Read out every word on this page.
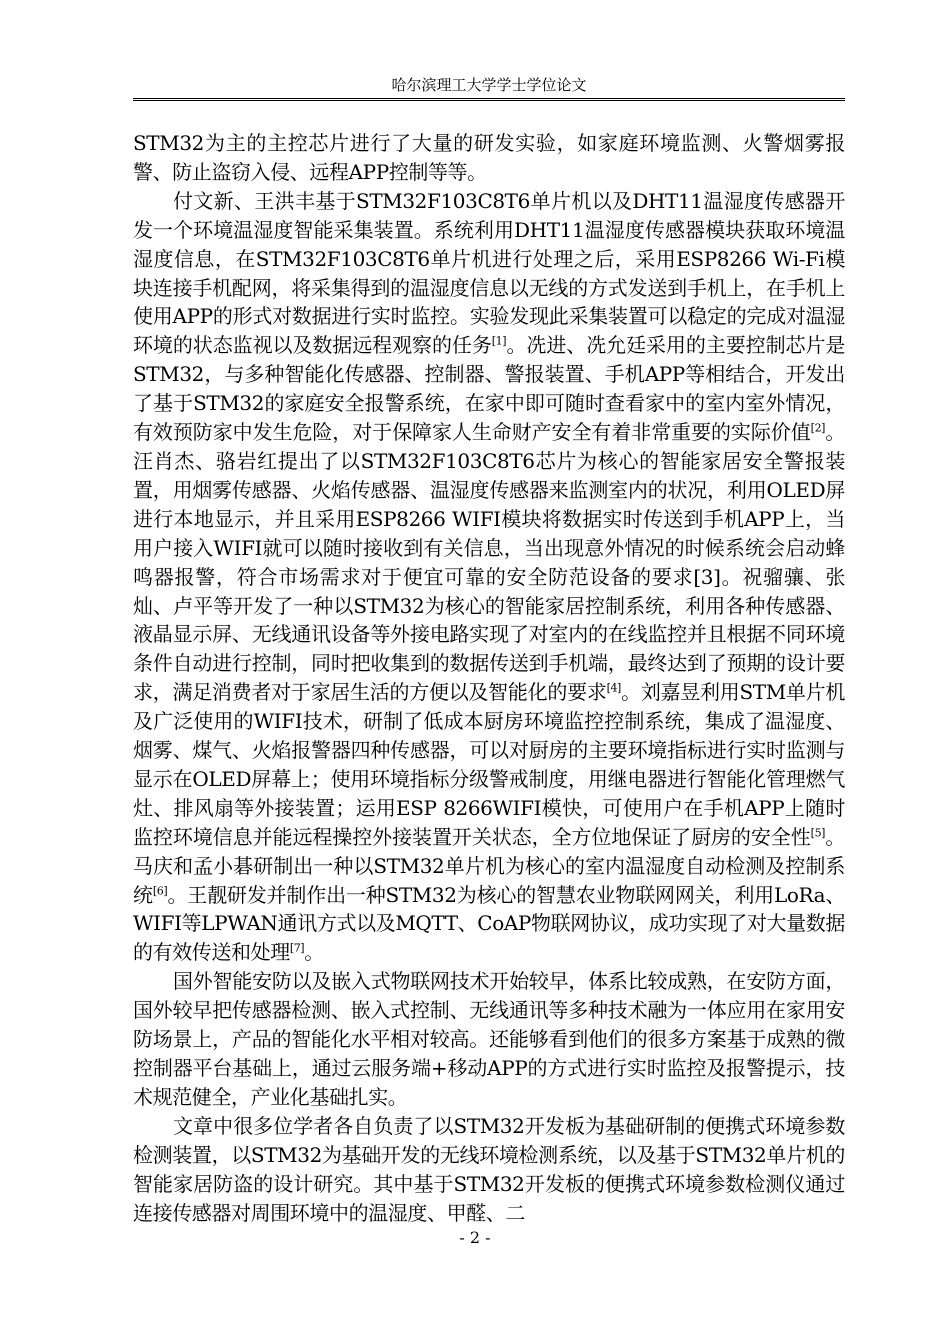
哈尔滨理工大学学士学位论文

STM32为主的主控芯片进行了大量的研发实验，如家庭环境监测、火警烟雾报警、防止盗窃入侵、远程APP控制等等。

付文新、王洪丰基于STM32F103C8T6单片机以及DHT11温湿度传感器开发一个环境温湿度智能采集装置。系统利用DHT11温湿度传感器模块获取环境温湿度信息，在STM32F103C8T6单片机进行处理之后，采用ESP8266 Wi-Fi模块连接手机配网，将采集得到的温湿度信息以无线的方式发送到手机上，在手机上使用APP的形式对数据进行实时监控。实验发现此采集装置可以稳定的完成对温湿环境的状态监视以及数据远程观察的任务[1]。冼进、冼允廷采用的主要控制芯片是STM32，与多种智能化传感器、控制器、警报装置、手机APP等相结合，开发出了基于STM32的家庭安全报警系统，在家中即可随时查看家中的室内室外情况，有效预防家中发生危险，对于保障家人生命财产安全有着非常重要的实际价值[2]。汪肖杰、骆岩红提出了以STM32F103C8T6芯片为核心的智能家居安全警报装置，用烟雾传感器、火焰传感器、温湿度传感器来监测室内的状况，利用OLED屏进行本地显示，并且采用ESP8266 WIFI模块将数据实时传送到手机APP上，当用户接入WIFI就可以随时接收到有关信息，当出现意外情况的时候系统会启动蜂鸣器报警，符合市场需求对于便宜可靠的安全防范设备的要求[3]。祝骝骧、张灿、卢平等开发了一种以STM32为核心的智能家居控制系统，利用各种传感器、液晶显示屏、无线通讯设备等外接电路实现了对室内的在线监控并且根据不同环境条件自动进行控制，同时把收集到的数据传送到手机端，最终达到了预期的设计要求，满足消费者对于家居生活的方便以及智能化的要求[4]。刘嘉昱利用STM单片机及广泛使用的WIFI技术，研制了低成本厨房环境监控控制系统，集成了温湿度、烟雾、煤气、火焰报警器四种传感器，可以对厨房的主要环境指标进行实时监测与显示在OLED屏幕上；使用环境指标分级警戒制度，用继电器进行智能化管理燃气灶、排风扇等外接装置；运用ESP 8266WIFI模快，可使用户在手机APP上随时监控环境信息并能远程操控外接装置开关状态，全方位地保证了厨房的安全性[5]。马庆和孟小碁研制出一种以STM32单片机为核心的室内温湿度自动检测及控制系统[6]。王靓研发并制作出一种STM32为核心的智慧农业物联网网关，利用LoRa、WIFI等LPWAN通讯方式以及MQTT、CoAP物联网协议，成功实现了对大量数据的有效传送和处理[7]。

国外智能安防以及嵌入式物联网技术开始较早，体系比较成熟，在安防方面，国外较早把传感器检测、嵌入式控制、无线通讯等多种技术融为一体应用在家用安防场景上，产品的智能化水平相对较高。还能够看到他们的很多方案基于成熟的微控制器平台基础上，通过云服务端+移动APP的方式进行实时监控及报警提示，技术规范健全，产业化基础扎实。

文章中很多位学者各自负责了以STM32开发板为基础研制的便携式环境参数检测装置，以STM32为基础开发的无线环境检测系统，以及基于STM32单片机的智能家居防盗的设计研究。其中基于STM32开发板的便携式环境参数检测仪通过连接传感器对周围环境中的温湿度、甲醛、二

- 2 -
